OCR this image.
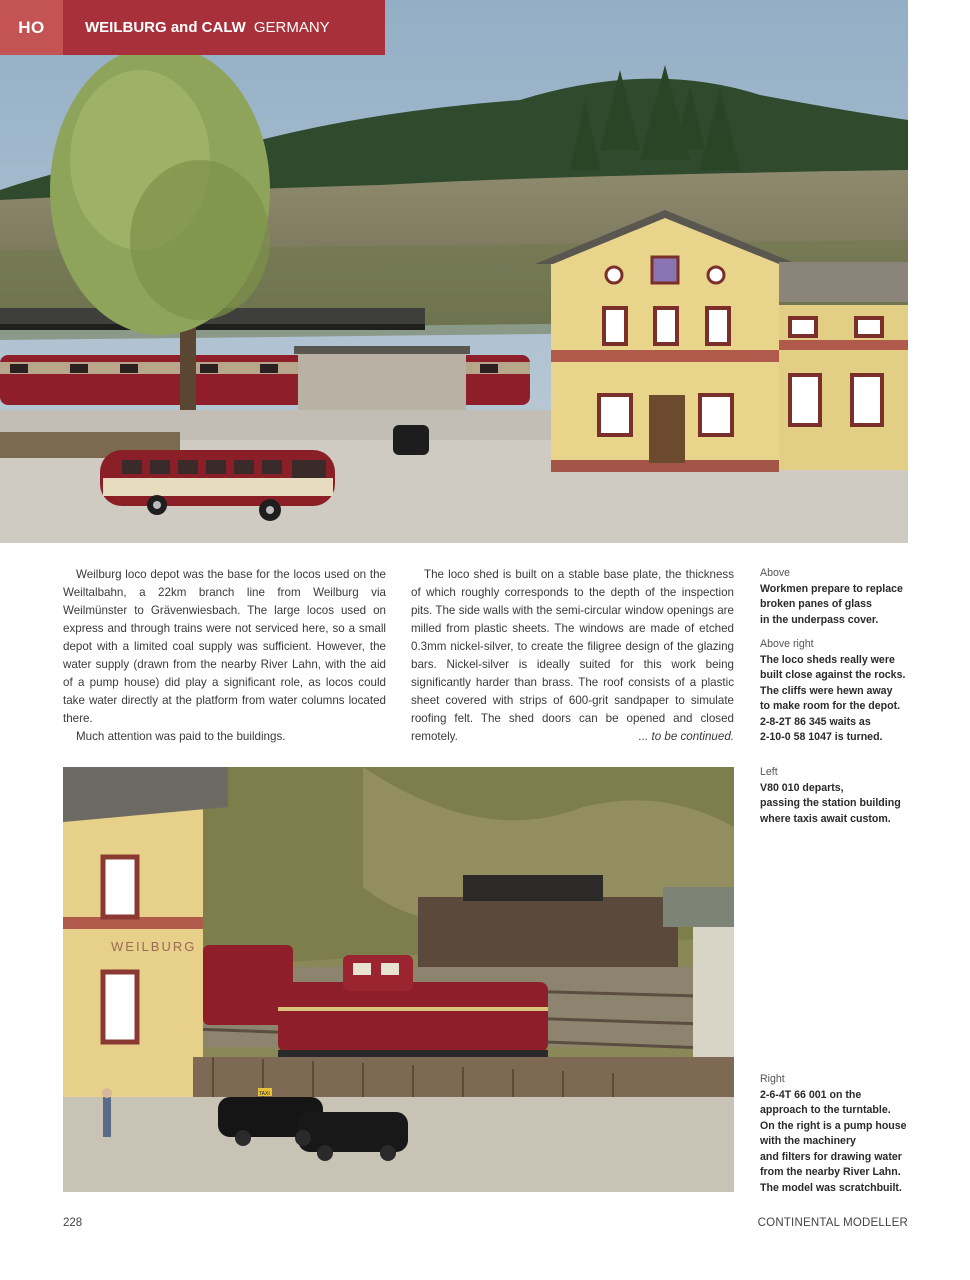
HO	WEILBURG and CALW GERMANY

Weilburg loco depot was the base for the locos used on the Weiltalbahn, a 22km branch line from Weilburg via Weilmünster to Grävenwiesbach. The large locos used on express and through trains were not serviced here, so a small depot with a limited coal supply was sufficient. However, the water supply (drawn from the nearby River Lahn, with the aid of a pump house) did play a significant role, as locos could take water directly at the platform from water columns located there.

Much attention was paid to the buildings.

The loco shed is built on a stable base plate, the thickness of which roughly corresponds to the depth of the inspection pits. The side walls with the semi-circular window openings are milled from plastic sheets. The windows are made of etched 0.3mm nickel-silver, to create the filigree design of the glazing bars. Nickel-silver is ideally suited for this work being significantly harder than brass. The roof consists of a plastic sheet covered with strips of 600-grit sandpaper to simulate roofing felt. The shed doors can be opened and closed remotely.	... to be continued.

Above
Workmen prepare to replace
broken panes of glass
in the underpass cover.
Above right
The loco sheds really were
built close against the rocks.
The cliffs were hewn away
to make room for the depot.
2-8-2T 86 345 waits as
2-10-0 58 1047 is turned.
Left
V80 010 departs,
passing the station building
where taxis await custom.
Right
2-6-4T 66 001 on the
approach to the turntable.
On the right is a pump house
with the machinery
and filters for drawing water
from the nearby River Lahn.
The model was scratchbuilt.
WEILBURG
TAXI
228	CONTINENTAL MODELLER
